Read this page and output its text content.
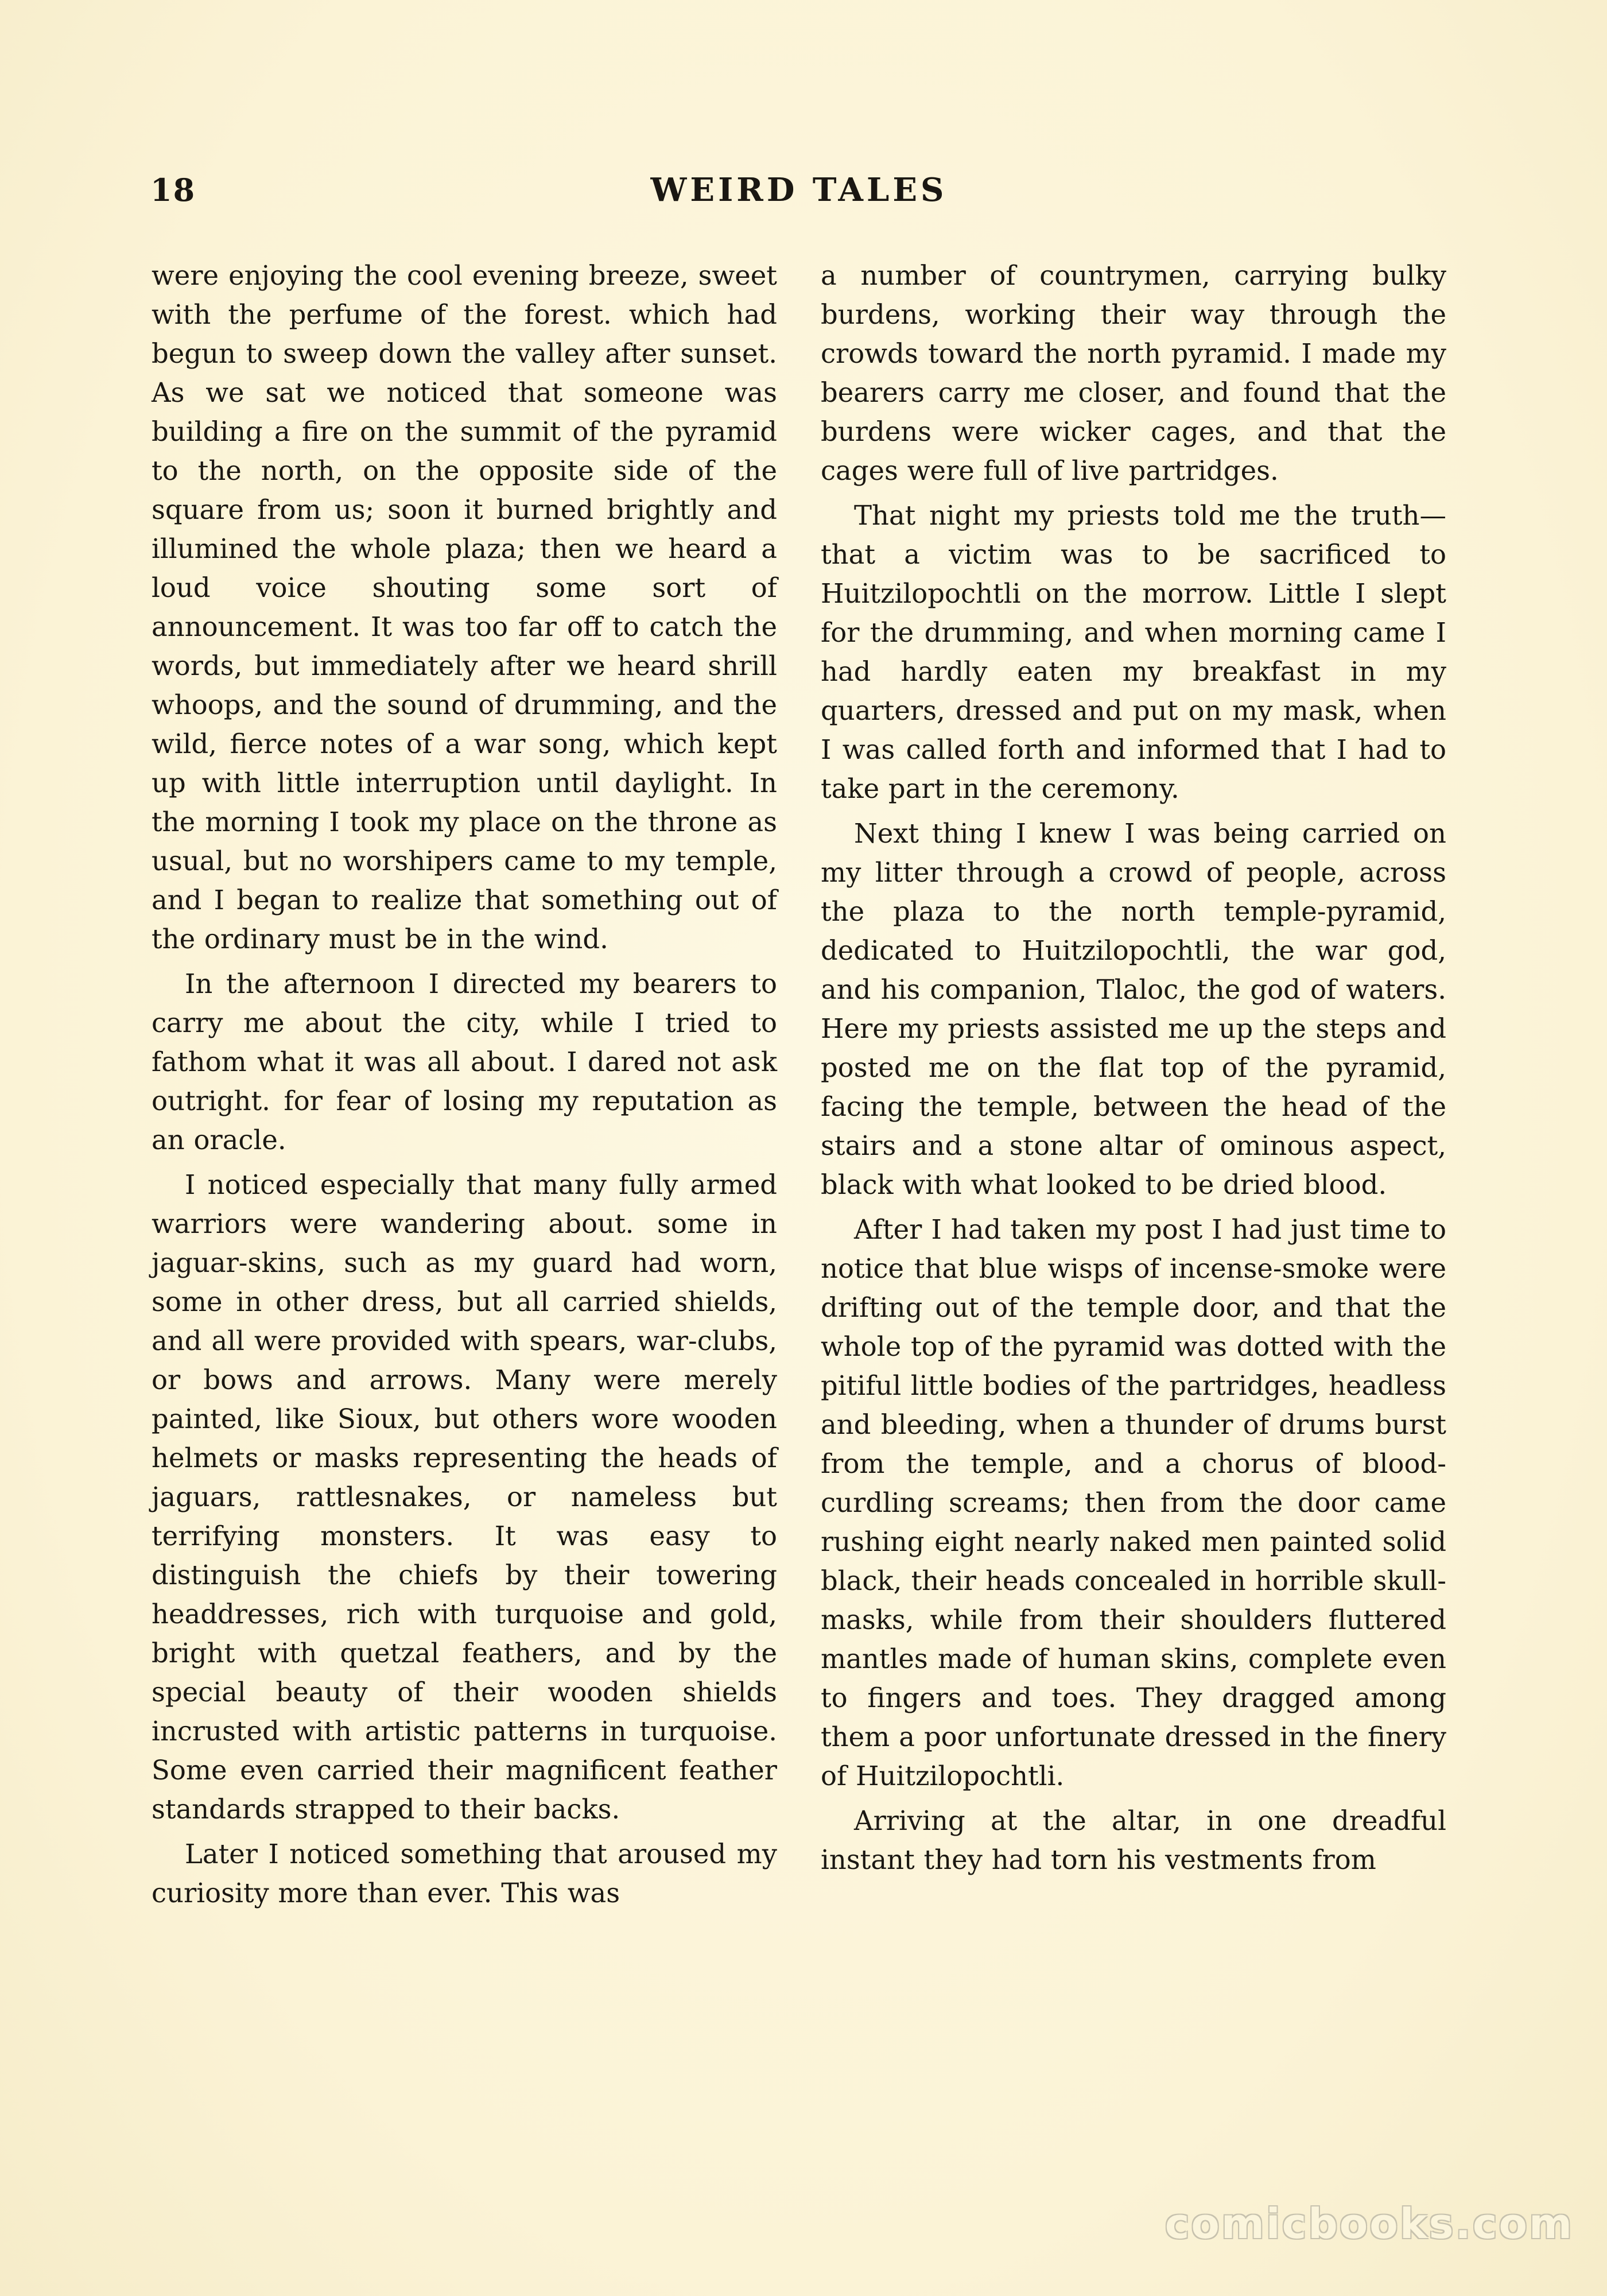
18	WEIRD TALES

were enjoying the cool evening breeze, sweet with the perfume of the forest. which had begun to sweep down the valley after sunset. As we sat we noticed that someone was building a fire on the summit of the pyramid to the north, on the opposite side of the square from us; soon it burned brightly and illumined the whole plaza; then we heard a loud voice shouting some sort of announcement. It was too far off to catch the words, but immediately after we heard shrill whoops, and the sound of drumming, and the wild, fierce notes of a war song, which kept up with little interruption until daylight. In the morning I took my place on the throne as usual, but no worshipers came to my temple, and I began to realize that something out of the ordinary must be in the wind.

In the afternoon I directed my bearers to carry me about the city, while I tried to fathom what it was all about. I dared not ask outright. for fear of losing my reputation as an oracle.

I noticed especially that many fully armed warriors were wandering about. some in jaguar-skins, such as my guard had worn, some in other dress, but all carried shields, and all were provided with spears, war-clubs, or bows and arrows. Many were merely painted, like Sioux, but others wore wooden helmets or masks representing the heads of jaguars, rattlesnakes, or nameless but terrifying monsters. It was easy to distinguish the chiefs by their towering headdresses, rich with turquoise and gold, bright with quetzal feathers, and by the special beauty of their wooden shields incrusted with artistic patterns in turquoise. Some even carried their magnificent feather standards strapped to their backs.

Later I noticed something that aroused my curiosity more than ever. This was

a number of countrymen, carrying bulky burdens, working their way through the crowds toward the north pyramid. I made my bearers carry me closer, and found that the burdens were wicker cages, and that the cages were full of live partridges.

That night my priests told me the truth—that a victim was to be sacrificed to Huitzilopochtli on the morrow. Little I slept for the drumming, and when morning came I had hardly eaten my breakfast in my quarters, dressed and put on my mask, when I was called forth and informed that I had to take part in the ceremony.

Next thing I knew I was being carried on my litter through a crowd of people, across the plaza to the north temple-pyramid, dedicated to Huitzilopochtli, the war god, and his companion, Tlaloc, the god of waters. Here my priests assisted me up the steps and posted me on the flat top of the pyramid, facing the temple, between the head of the stairs and a stone altar of ominous aspect, black with what looked to be dried blood.

After I had taken my post I had just time to notice that blue wisps of incense-smoke were drifting out of the temple door, and that the whole top of the pyramid was dotted with the pitiful little bodies of the partridges, headless and bleeding, when a thunder of drums burst from the temple, and a chorus of blood-curdling screams; then from the door came rushing eight nearly naked men painted solid black, their heads concealed in horrible skull-masks, while from their shoulders fluttered mantles made of human skins, complete even to fingers and toes. They dragged among them a poor unfortunate dressed in the finery of Huitzilopochtli.

Arriving at the altar, in one dreadful instant they had torn his vestments from

comicbooks.com
